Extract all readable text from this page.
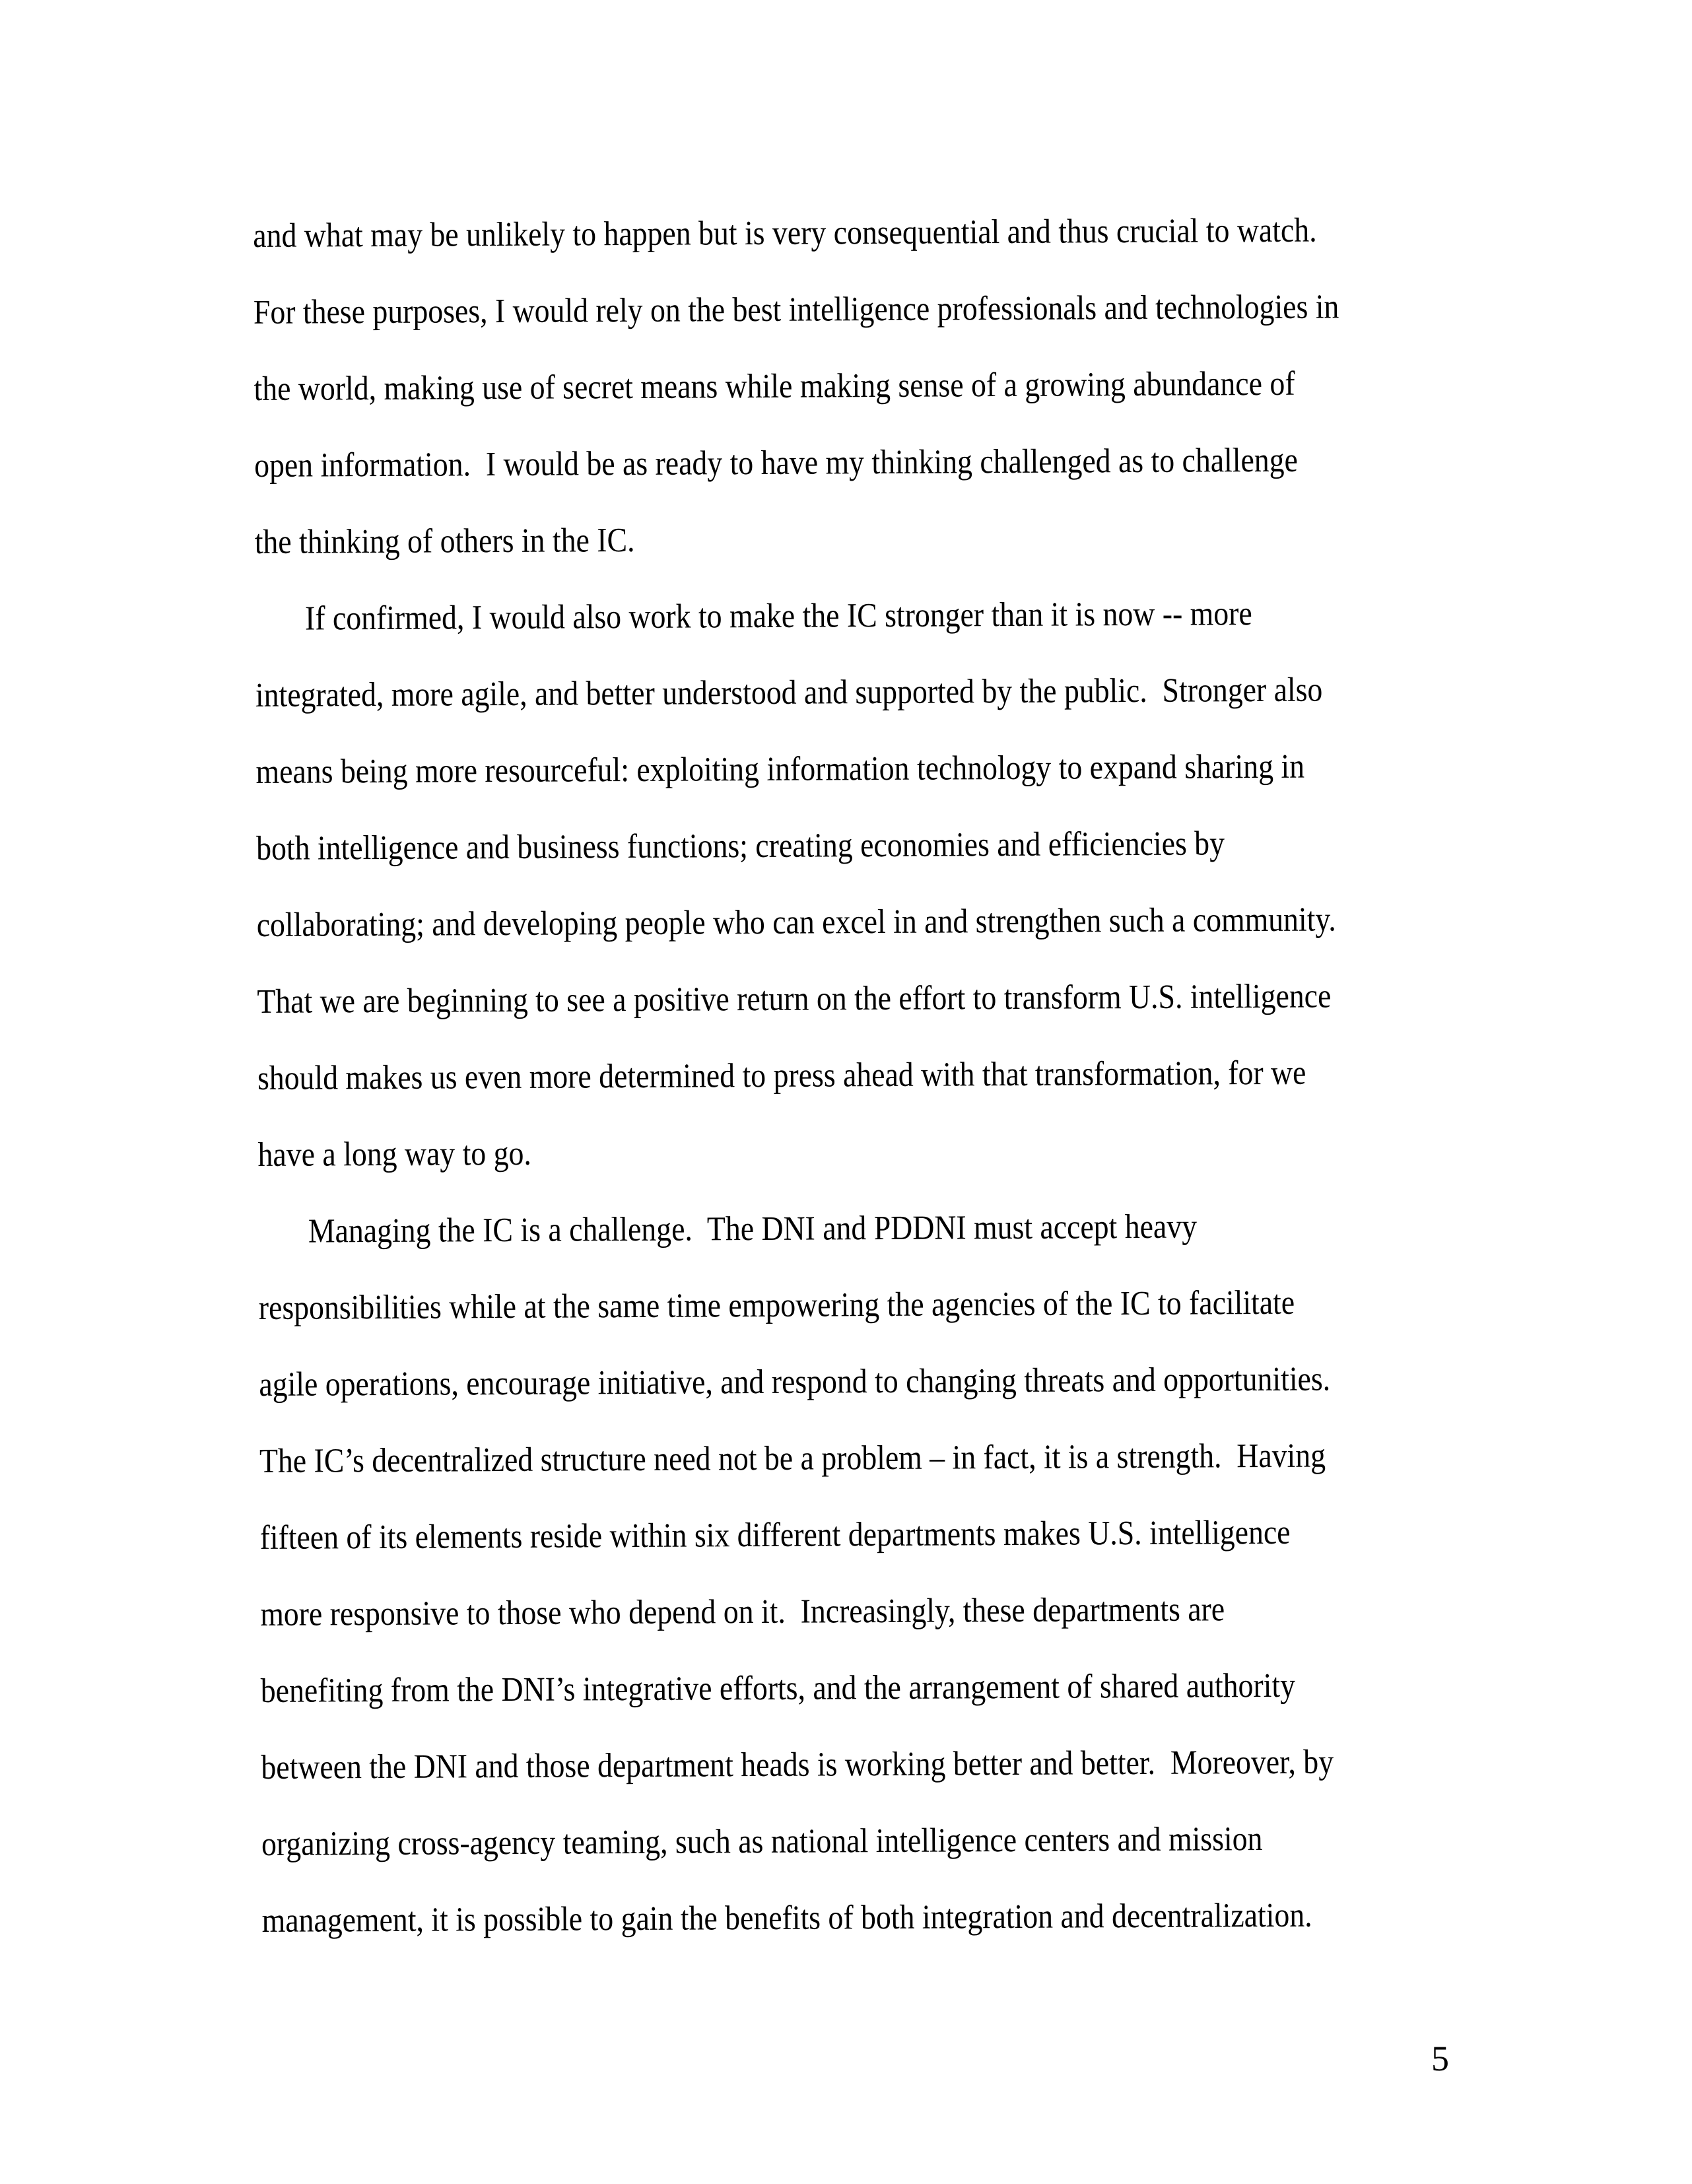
and what may be unlikely to happen but is very consequential and thus crucial to watch.
For these purposes, I would rely on the best intelligence professionals and technologies in
the world, making use of secret means while making sense of a growing abundance of
open information.  I would be as ready to have my thinking challenged as to challenge
the thinking of others in the IC.
If confirmed, I would also work to make the IC stronger than it is now -- more
integrated, more agile, and better understood and supported by the public.  Stronger also
means being more resourceful: exploiting information technology to expand sharing in
both intelligence and business functions; creating economies and efficiencies by
collaborating; and developing people who can excel in and strengthen such a community.
That we are beginning to see a positive return on the effort to transform U.S. intelligence
should makes us even more determined to press ahead with that transformation, for we
have a long way to go.
Managing the IC is a challenge.  The DNI and PDDNI must accept heavy
responsibilities while at the same time empowering the agencies of the IC to facilitate
agile operations, encourage initiative, and respond to changing threats and opportunities.
The IC’s decentralized structure need not be a problem – in fact, it is a strength.  Having
fifteen of its elements reside within six different departments makes U.S. intelligence
more responsive to those who depend on it.  Increasingly, these departments are
benefiting from the DNI’s integrative efforts, and the arrangement of shared authority
between the DNI and those department heads is working better and better.  Moreover, by
organizing cross-agency teaming, such as national intelligence centers and mission
management, it is possible to gain the benefits of both integration and decentralization.
5
